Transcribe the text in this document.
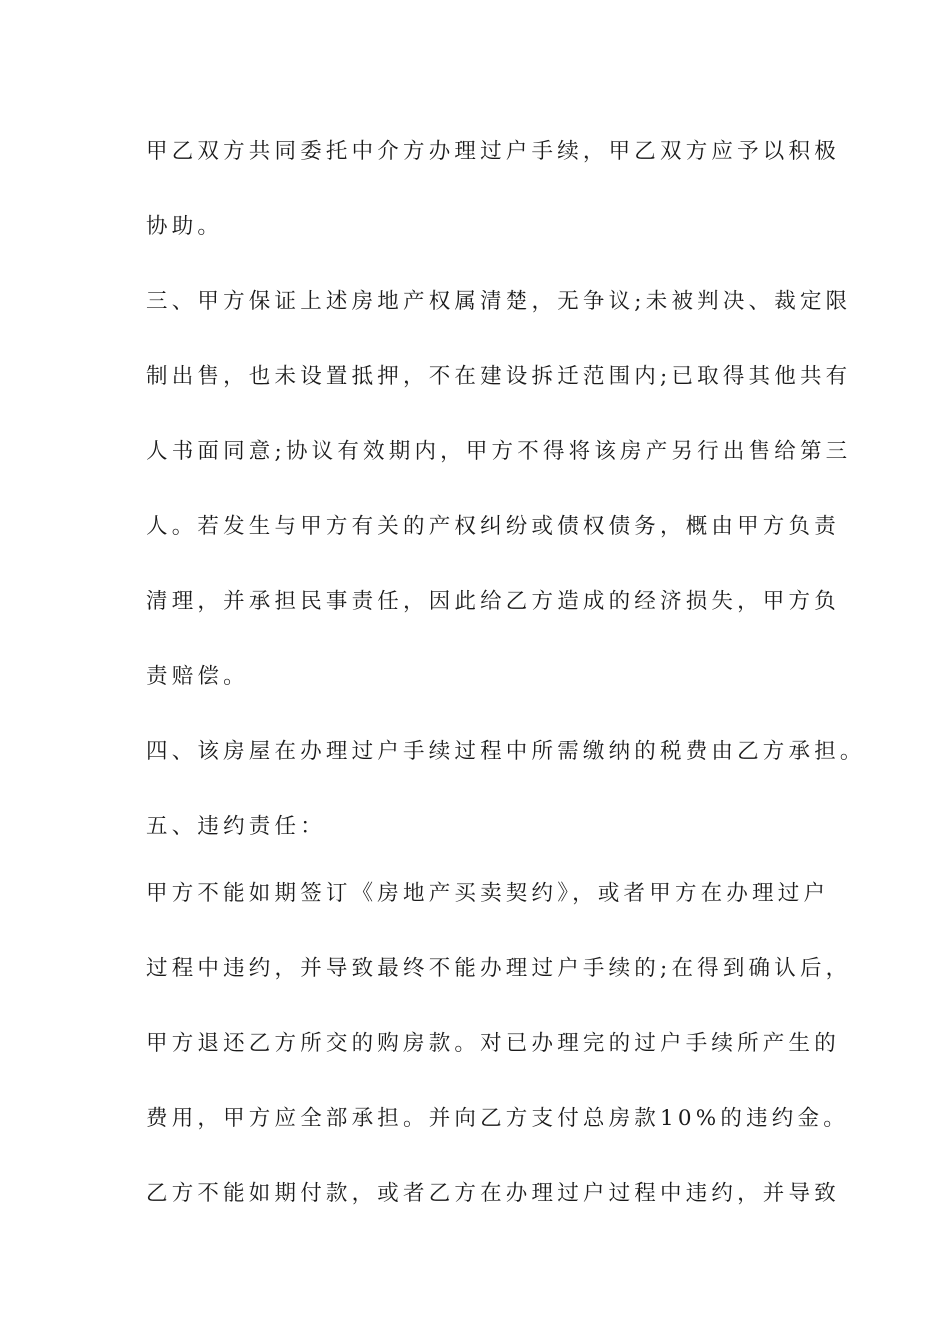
甲乙双方共同委托中介方办理过户手续，甲乙双方应予以积极
协助。
三、甲方保证上述房地产权属清楚，无争议;未被判决、裁定限
制出售，也未设置抵押，不在建设拆迁范围内;已取得其他共有
人书面同意;协议有效期内，甲方不得将该房产另行出售给第三
人。若发生与甲方有关的产权纠纷或债权债务，概由甲方负责
清理，并承担民事责任，因此给乙方造成的经济损失，甲方负
责赔偿。
四、该房屋在办理过户手续过程中所需缴纳的税费由乙方承担。
五、违约责任：
甲方不能如期签订《房地产买卖契约》，或者甲方在办理过户
过程中违约，并导致最终不能办理过户手续的;在得到确认后，
甲方退还乙方所交的购房款。对已办理完的过户手续所产生的
费用，甲方应全部承担。并向乙方支付总房款10%的违约金。
乙方不能如期付款，或者乙方在办理过户过程中违约，并导致
